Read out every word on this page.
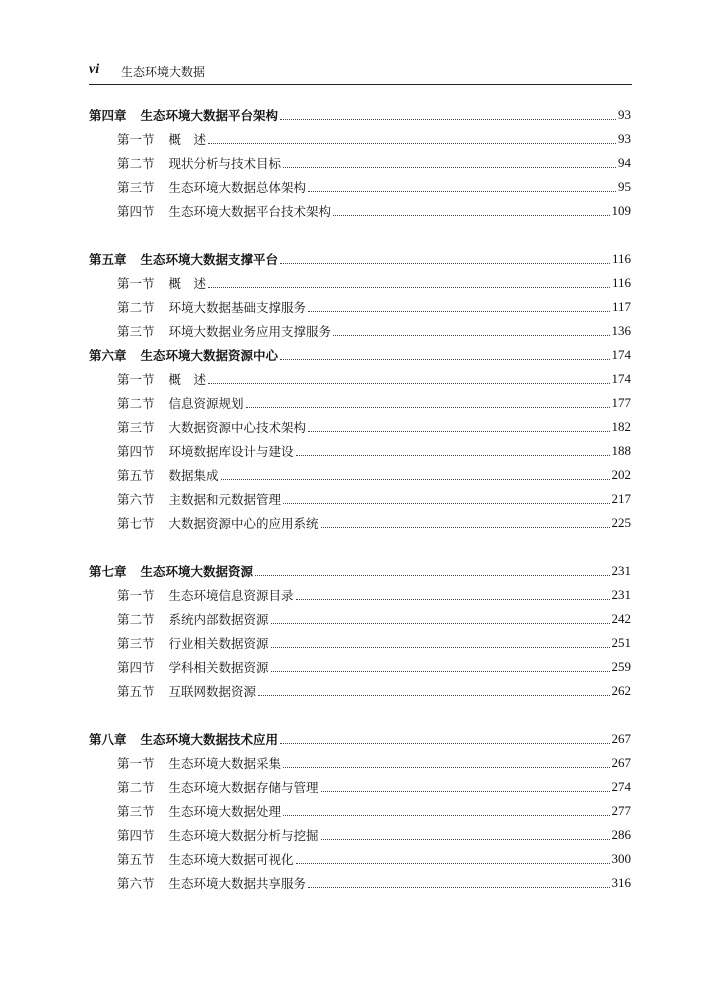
vi 生态环境大数据
第四章 生态环境大数据平台架构	93
第一节 概　述	93
第二节 现状分析与技术目标	94
第三节 生态环境大数据总体架构	95
第四节 生态环境大数据平台技术架构	109
第五章 生态环境大数据支撑平台	116
第一节 概　述	116
第二节 环境大数据基础支撑服务	117
第三节 环境大数据业务应用支撑服务	136
第六章 生态环境大数据资源中心	174
第一节 概　述	174
第二节 信息资源规划	177
第三节 大数据资源中心技术架构	182
第四节 环境数据库设计与建设	188
第五节 数据集成	202
第六节 主数据和元数据管理	217
第七节 大数据资源中心的应用系统	225
第七章 生态环境大数据资源	231
第一节 生态环境信息资源目录	231
第二节 系统内部数据资源	242
第三节 行业相关数据资源	251
第四节 学科相关数据资源	259
第五节 互联网数据资源	262
第八章 生态环境大数据技术应用	267
第一节 生态环境大数据采集	267
第二节 生态环境大数据存储与管理	274
第三节 生态环境大数据处理	277
第四节 生态环境大数据分析与挖掘	286
第五节 生态环境大数据可视化	300
第六节 生态环境大数据共享服务	316
